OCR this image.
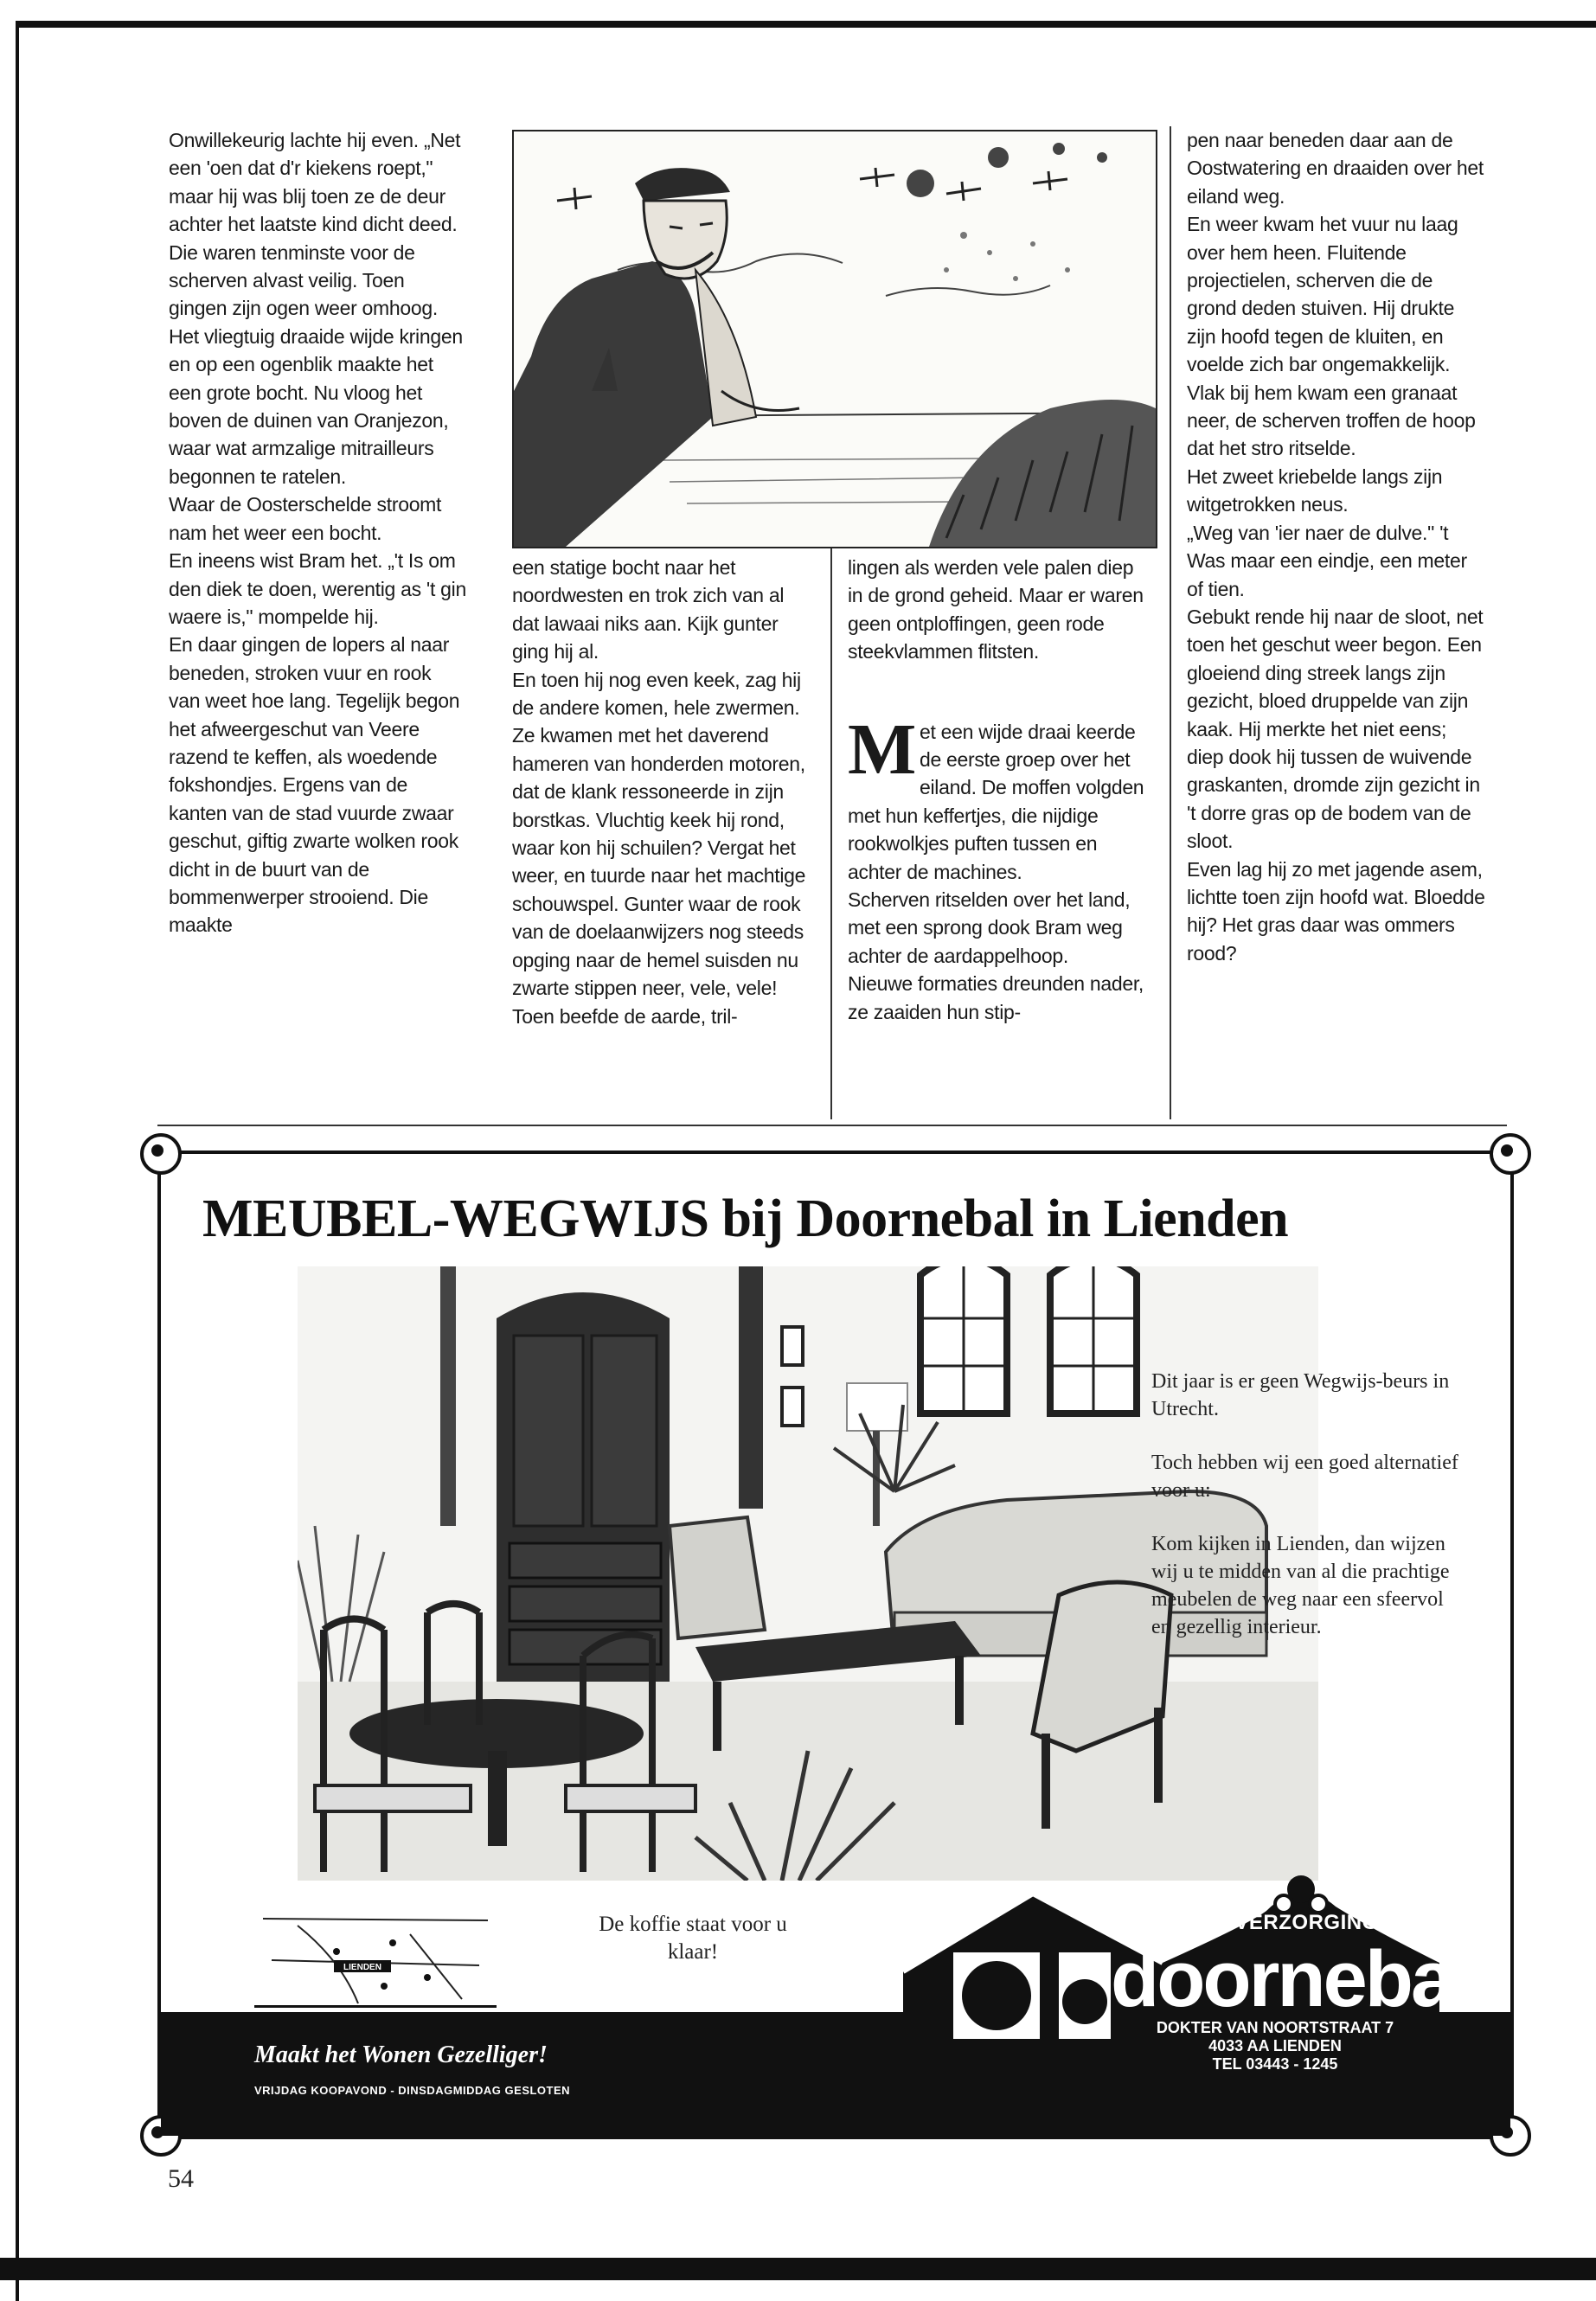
Onwillekeurig lachte hij even. „Net een 'oen dat d'r kiekens roept," maar hij was blij toen ze de deur achter het laatste kind dicht deed. Die waren tenminste voor de scherven alvast veilig. Toen gingen zijn ogen weer omhoog.

Het vliegtuig draaide wijde kringen en op een ogenblik maakte het een grote bocht. Nu vloog het boven de duinen van Oranjezon, waar wat armzalige mitrailleurs begonnen te ratelen.

Waar de Oosterschelde stroomt nam het weer een bocht.

En ineens wist Bram het. „'t Is om den diek te doen, werentig as 't gin waere is," mompelde hij.

En daar gingen de lopers al naar beneden, stroken vuur en rook van weet hoe lang. Tegelijk begon het afweergeschut van Veere razend te keffen, als woedende fokshondjes. Ergens van de kanten van de stad vuurde zwaar geschut, giftig zwarte wolken rook dicht in de buurt van de bommenwerper strooiend. Die maakte

een statige bocht naar het noordwesten en trok zich van al dat lawaai niks aan. Kijk gunter ging hij al.

En toen hij nog even keek, zag hij de andere komen, hele zwermen. Ze kwamen met het daverend hameren van honderden motoren, dat de klank ressoneerde in zijn borstkas. Vluchtig keek hij rond, waar kon hij schuilen? Vergat het weer, en tuurde naar het machtige schouwspel. Gunter waar de rook van de doelaanwijzers nog steeds opging naar de hemel suisden nu zwarte stippen neer, vele, vele!

Toen beefde de aarde, tril-

lingen als werden vele palen diep in de grond geheid. Maar er waren geen ontploffingen, geen rode steekvlammen flitsten.

Met een wijde draai keerde de eerste groep over het eiland. De moffen volgden met hun keffertjes, die nijdige rookwolkjes puften tussen en achter de machines.

Scherven ritselden over het land, met een sprong dook Bram weg achter de aardappelhoop.

Nieuwe formaties dreunden nader, ze zaaiden hun stip-

pen naar beneden daar aan de Oostwatering en draaiden over het eiland weg.

En weer kwam het vuur nu laag over hem heen. Fluitende projectielen, scherven die de grond deden stuiven. Hij drukte zijn hoofd tegen de kluiten, en voelde zich bar ongemakkelijk.

Vlak bij hem kwam een granaat neer, de scherven troffen de hoop dat het stro ritselde.

Het zweet kriebelde langs zijn witgetrokken neus.

„Weg van 'ier naer de dulve." 't Was maar een eindje, een meter of tien.

Gebukt rende hij naar de sloot, net toen het geschut weer begon. Een gloeiend ding streek langs zijn gezicht, bloed druppelde van zijn kaak. Hij merkte het niet eens; diep dook hij tussen de wuivende graskanten, dromde zijn gezicht in 't dorre gras op de bodem van de sloot.

Even lag hij zo met jagende asem, lichtte toen zijn hoofd wat. Bloedde hij? Het gras daar was ommers rood?

MEUBEL-WEGWIJS bij Doornebal in Lienden

Dit jaar is er geen Wegwijs-beurs in Utrecht.

Toch hebben wij een goed alternatief voor u:

Kom kijken in Lienden, dan wijzen wij u te midden van al die prachtige meubelen de weg naar een sfeervol en gezellig interieur.

LIENDEN
De koffie staat voor u klaar!
Maakt het Wonen Gezelliger!
VRIJDAG KOOPAVOND - DINSDAGMIDDAG GESLOTEN
INTERIEURVERZORGING
doornebal
DOKTER VAN NOORTSTRAAT 7
4033 AA LIENDEN
TEL 03443 - 1245
54
